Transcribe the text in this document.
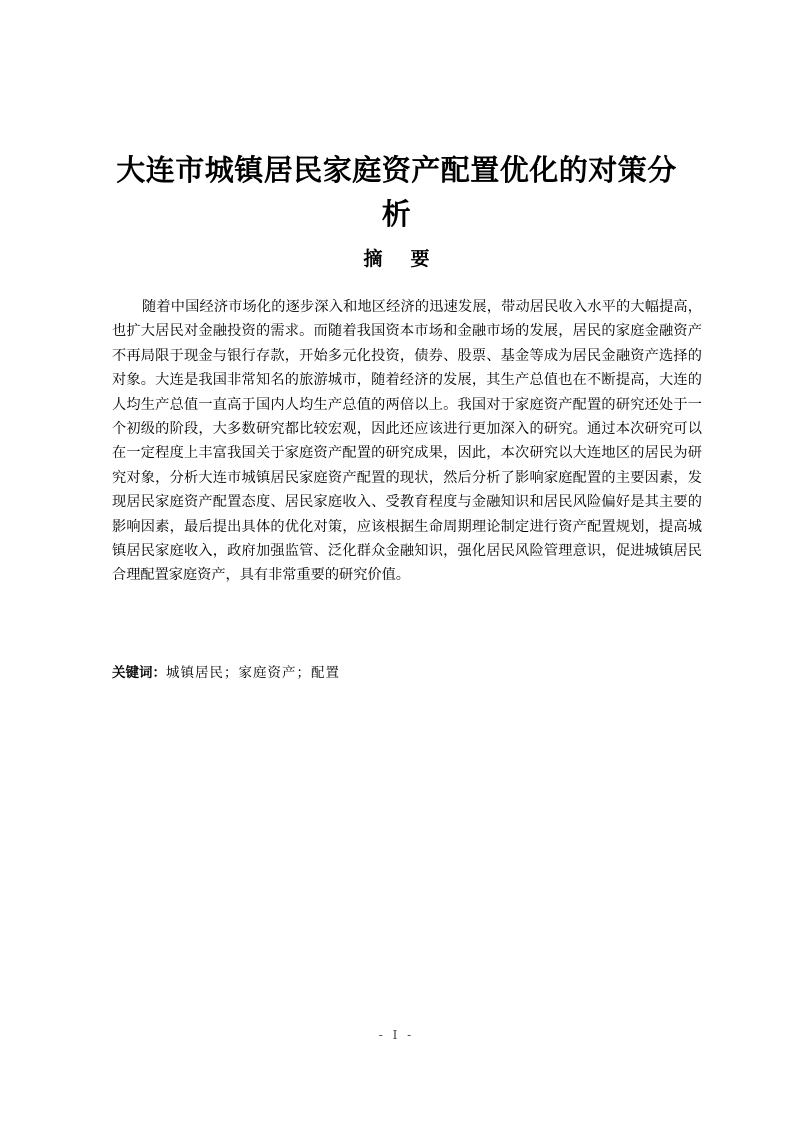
大连市城镇居民家庭资产配置优化的对策分析
摘要

随着中国经济市场化的逐步深入和地区经济的迅速发展，带动居民收入水平的大幅提高，也扩大居民对金融投资的需求。而随着我国资本市场和金融市场的发展，居民的家庭金融资产不再局限于现金与银行存款，开始多元化投资，债券、股票、基金等成为居民金融资产选择的对象。大连是我国非常知名的旅游城市，随着经济的发展，其生产总值也在不断提高，大连的人均生产总值一直高于国内人均生产总值的两倍以上。我国对于家庭资产配置的研究还处于一个初级的阶段，大多数研究都比较宏观，因此还应该进行更加深入的研究。通过本次研究可以在一定程度上丰富我国关于家庭资产配置的研究成果，因此，本次研究以大连地区的居民为研究对象，分析大连市城镇居民家庭资产配置的现状，然后分析了影响家庭配置的主要因素，发现居民家庭资产配置态度、居民家庭收入、受教育程度与金融知识和居民风险偏好是其主要的影响因素，最后提出具体的优化对策，应该根据生命周期理论制定进行资产配置规划，提高城镇居民家庭收入，政府加强监管、泛化群众金融知识，强化居民风险管理意识，促进城镇居民合理配置家庭资产，具有非常重要的研究价值。

关键词：城镇居民；家庭资产；配置

- I -
